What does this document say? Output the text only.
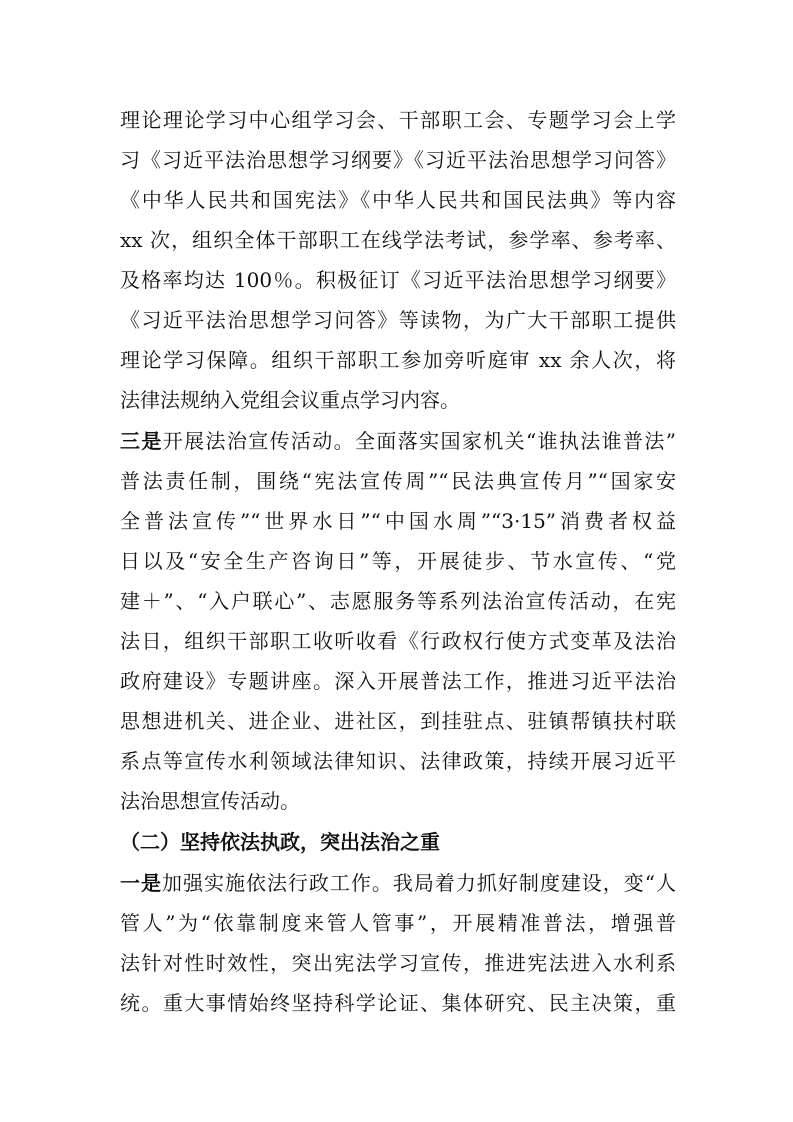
理论理论学习中心组学习会、干部职工会、专题学习会上学
习《习近平法治思想学习纲要》《习近平法治思想学习问答》
《中华人民共和国宪法》《中华人民共和国民法典》等内容
xx 次，组织全体干部职工在线学法考试，参学率、参考率、
及格率均达 100％。积极征订《习近平法治思想学习纲要》
《习近平法治思想学习问答》等读物，为广大干部职工提供
理论学习保障。组织干部职工参加旁听庭审 xx 余人次，将
法律法规纳入党组会议重点学习内容。
三是开展法治宣传活动。全面落实国家机关“谁执法谁普法”
普法责任制，围绕“宪法宣传周”“民法典宣传月”“国家安
全普法宣传”“世界水日”“中国水周”“3·15”消费者权益
日以及“安全生产咨询日”等，开展徒步、节水宣传、“党
建＋”、“入户联心”、志愿服务等系列法治宣传活动，在宪
法日，组织干部职工收听收看《行政权行使方式变革及法治
政府建设》专题讲座。深入开展普法工作，推进习近平法治
思想进机关、进企业、进社区，到挂驻点、驻镇帮镇扶村联
系点等宣传水利领域法律知识、法律政策，持续开展习近平
法治思想宣传活动。
（二）坚持依法执政，突出法治之重
一是加强实施依法行政工作。我局着力抓好制度建设，变“人
管人”为“依靠制度来管人管事”，开展精准普法，增强普
法针对性时效性，突出宪法学习宣传，推进宪法进入水利系
统。重大事情始终坚持科学论证、集体研究、民主决策，重
